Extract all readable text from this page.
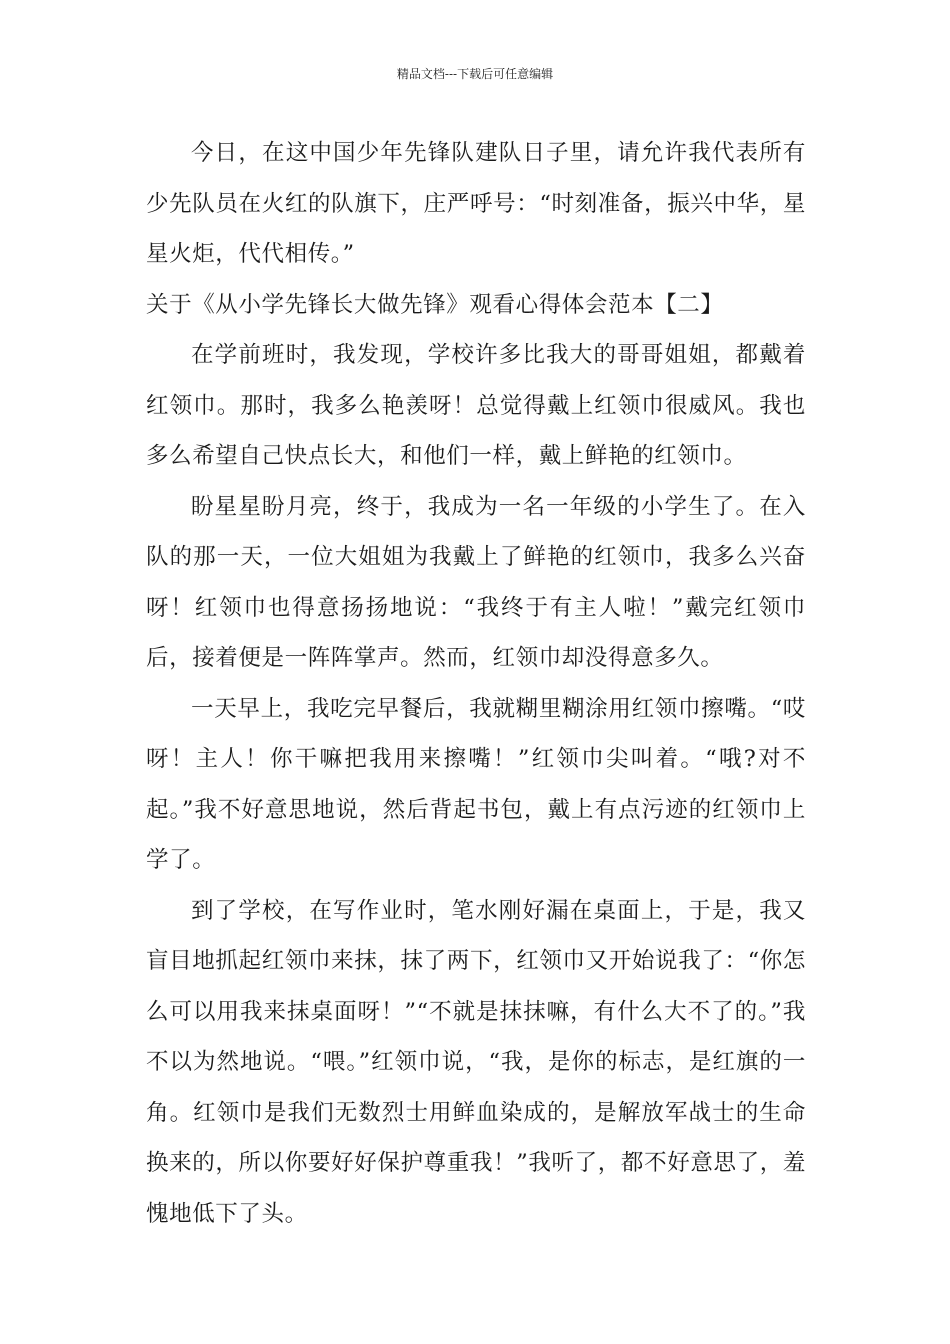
精品文档---下载后可任意编辑

今日，在这中国少年先锋队建队日子里，请允许我代表所有少先队员在火红的队旗下，庄严呼号：“时刻准备，振兴中华，星星火炬，代代相传。”

关于《从小学先锋长大做先锋》观看心得体会范本【二】

在学前班时，我发现，学校许多比我大的哥哥姐姐，都戴着红领巾。那时，我多么艳羡呀！总觉得戴上红领巾很威风。我也多么希望自己快点长大，和他们一样，戴上鲜艳的红领巾。

盼星星盼月亮，终于，我成为一名一年级的小学生了。在入队的那一天，一位大姐姐为我戴上了鲜艳的红领巾，我多么兴奋呀！红领巾也得意扬扬地说：“我终于有主人啦！”戴完红领巾后，接着便是一阵阵掌声。然而，红领巾却没得意多久。

一天早上，我吃完早餐后，我就糊里糊涂用红领巾擦嘴。“哎呀！主人！你干嘛把我用来擦嘴！”红领巾尖叫着。“哦?对不起。”我不好意思地说，然后背起书包，戴上有点污迹的红领巾上学了。

到了学校，在写作业时，笔水刚好漏在桌面上，于是，我又盲目地抓起红领巾来抹，抹了两下，红领巾又开始说我了：“你怎么可以用我来抹桌面呀！”“不就是抹抹嘛，有什么大不了的。”我不以为然地说。“喂。”红领巾说，“我，是你的标志，是红旗的一角。红领巾是我们无数烈士用鲜血染成的，是解放军战士的生命换来的，所以你要好好保护尊重我！”我听了，都不好意思了，羞愧地低下了头。
